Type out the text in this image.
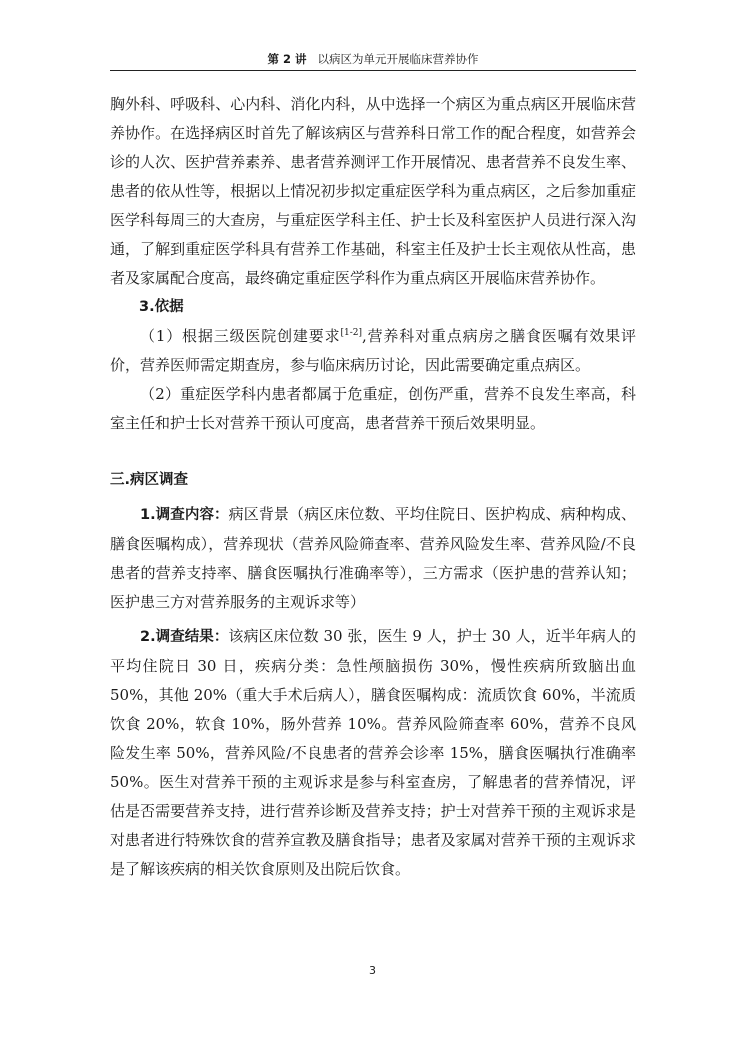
第 2 讲 以病区为单元开展临床营养协作

胸外科、呼吸科、心内科、消化内科，从中选择一个病区为重点病区开展临床营养协作。在选择病区时首先了解该病区与营养科日常工作的配合程度，如营养会诊的人次、医护营养素养、患者营养测评工作开展情况、患者营养不良发生率、患者的依从性等，根据以上情况初步拟定重症医学科为重点病区，之后参加重症医学科每周三的大查房，与重症医学科主任、护士长及科室医护人员进行深入沟通，了解到重症医学科具有营养工作基础，科室主任及护士长主观依从性高，患者及家属配合度高，最终确定重症医学科作为重点病区开展临床营养协作。

3.依据

（1）根据三级医院创建要求[1-2],营养科对重点病房之膳食医嘱有效果评价，营养医师需定期查房，参与临床病历讨论，因此需要确定重点病区。

（2）重症医学科内患者都属于危重症，创伤严重，营养不良发生率高，科室主任和护士长对营养干预认可度高，患者营养干预后效果明显。

三.病区调查

1.调查内容：病区背景（病区床位数、平均住院日、医护构成、病种构成、膳食医嘱构成），营养现状（营养风险筛查率、营养风险发生率、营养风险/不良患者的营养支持率、膳食医嘱执行准确率等），三方需求（医护患的营养认知；医护患三方对营养服务的主观诉求等）

2.调查结果：该病区床位数 30 张，医生 9 人，护士 30 人，近半年病人的平均住院日 30 日，疾病分类：急性颅脑损伤 30%，慢性疾病所致脑出血 50%，其他 20%（重大手术后病人），膳食医嘱构成：流质饮食 60%，半流质饮食 20%，软食 10%，肠外营养 10%。营养风险筛查率 60%，营养不良风险发生率 50%，营养风险/不良患者的营养会诊率 15%，膳食医嘱执行准确率 50%。医生对营养干预的主观诉求是参与科室查房，了解患者的营养情况，评估是否需要营养支持，进行营养诊断及营养支持；护士对营养干预的主观诉求是对患者进行特殊饮食的营养宣教及膳食指导；患者及家属对营养干预的主观诉求是了解该疾病的相关饮食原则及出院后饮食。

3
